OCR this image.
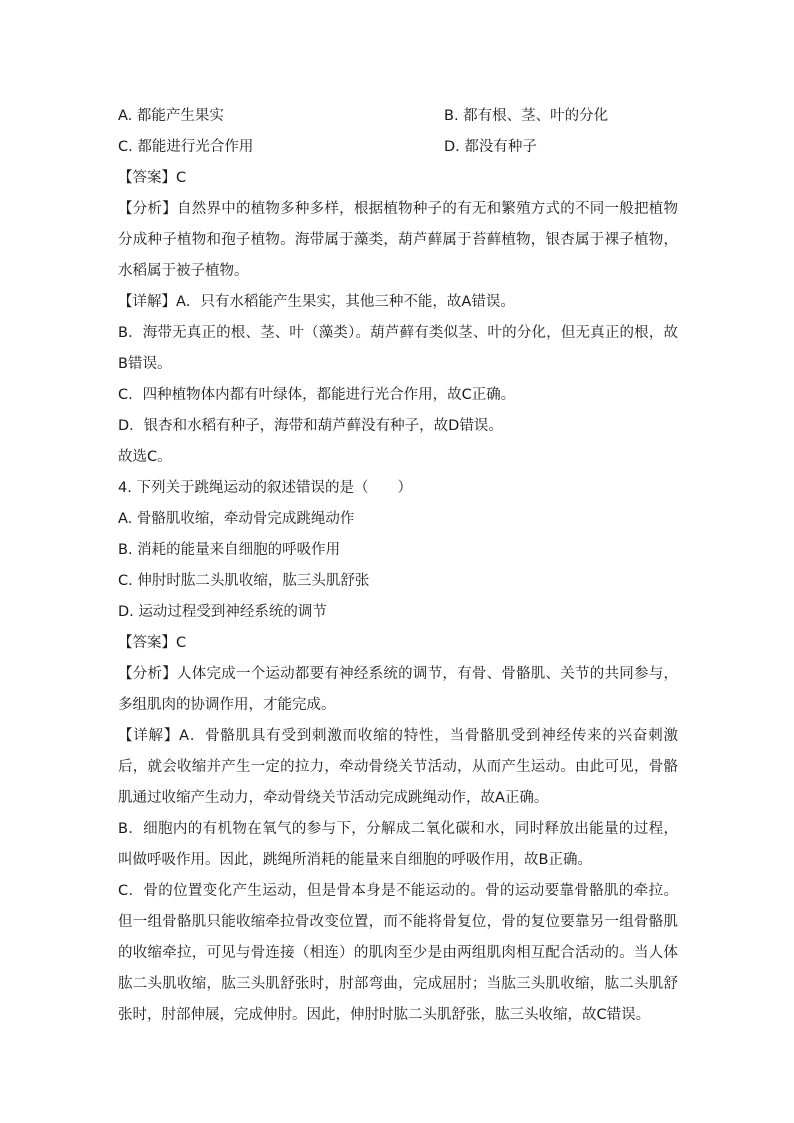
A. 都能产生果实	B. 都有根、茎、叶的分化
C. 都能进行光合作用	D. 都没有种子
【答案】C
【分析】自然界中的植物多种多样，根据植物种子的有无和繁殖方式的不同一般把植物分成种子植物和孢子植物。海带属于藻类，葫芦藓属于苔藓植物，银杏属于裸子植物，水稻属于被子植物。
【详解】A．只有水稻能产生果实，其他三种不能，故A错误。
B．海带无真正的根、茎、叶（藻类）。葫芦藓有类似茎、叶的分化，但无真正的根，故B错误。
C．四种植物体内都有叶绿体，都能进行光合作用，故C正确。
D．银杏和水稻有种子，海带和葫芦藓没有种子，故D错误。
故选C。
4. 下列关于跳绳运动的叙述错误的是（　　）
A. 骨骼肌收缩，牵动骨完成跳绳动作
B. 消耗的能量来自细胞的呼吸作用
C. 伸肘时肱二头肌收缩，肱三头肌舒张
D. 运动过程受到神经系统的调节
【答案】C
【分析】人体完成一个运动都要有神经系统的调节，有骨、骨骼肌、关节的共同参与，多组肌肉的协调作用，才能完成。
【详解】A．骨骼肌具有受到刺激而收缩的特性，当骨骼肌受到神经传来的兴奋刺激后，就会收缩并产生一定的拉力，牵动骨绕关节活动，从而产生运动。由此可见，骨骼肌通过收缩产生动力，牵动骨绕关节活动完成跳绳动作，故A正确。
B．细胞内的有机物在氧气的参与下，分解成二氧化碳和水，同时释放出能量的过程，叫做呼吸作用。因此，跳绳所消耗的能量来自细胞的呼吸作用，故B正确。
C．骨的位置变化产生运动，但是骨本身是不能运动的。骨的运动要靠骨骼肌的牵拉。但一组骨骼肌只能收缩牵拉骨改变位置，而不能将骨复位，骨的复位要靠另一组骨骼肌的收缩牵拉，可见与骨连接（相连）的肌肉至少是由两组肌肉相互配合活动的。当人体肱二头肌收缩，肱三头肌舒张时，肘部弯曲，完成屈肘；当肱三头肌收缩，肱二头肌舒张时，肘部伸展，完成伸肘。因此，伸肘时肱二头肌舒张，肱三头收缩，故C错误。
